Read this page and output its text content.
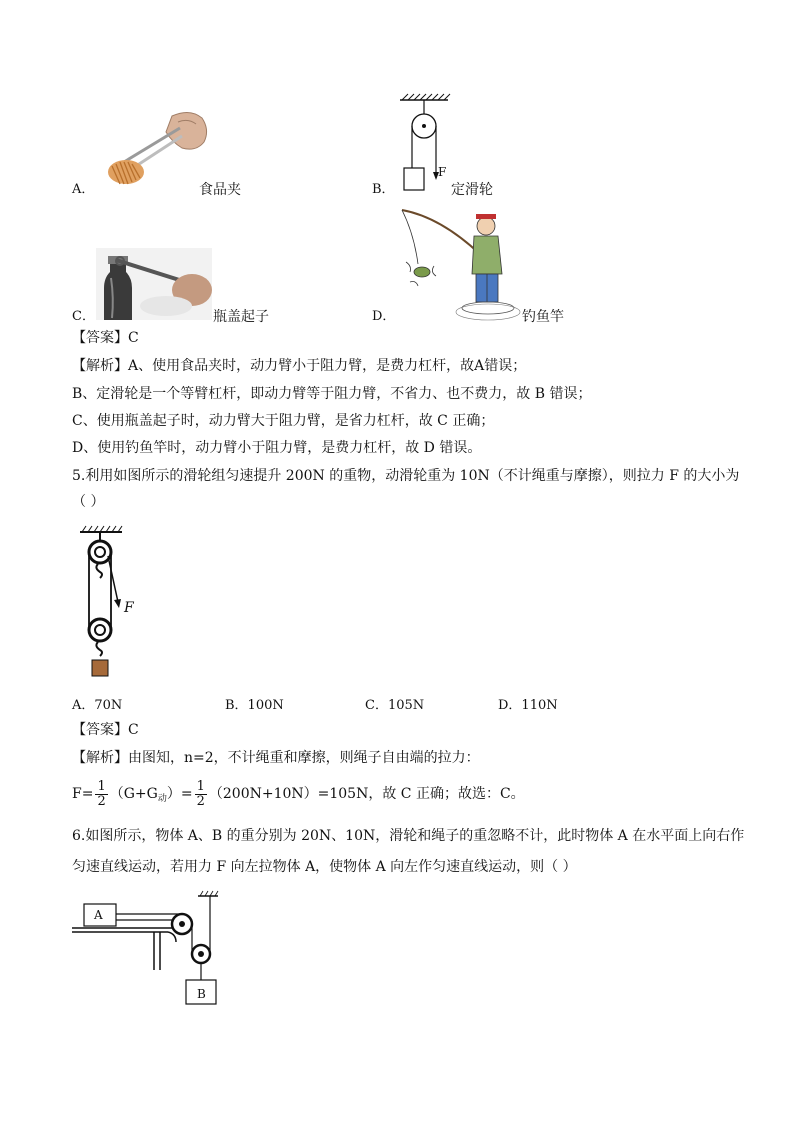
A．	食品夹	B．
F
定滑轮
C．	瓶盖起子	D．	钓鱼竿
【答案】C
【解析】A、使用食品夹时，动力臂小于阻力臂，是费力杠杆，故A错误；
B、定滑轮是一个等臂杠杆，即动力臂等于阻力臂，不省力、也不费力，故 B 错误；
C、使用瓶盖起子时，动力臂大于阻力臂，是省力杠杆，故 C 正确；
D、使用钓鱼竿时，动力臂小于阻力臂，是费力杠杆，故 D 错误。
5.利用如图所示的滑轮组匀速提升 200N 的重物，动滑轮重为 10N（不计绳重与摩擦），则拉力 F 的大小为
（ ）
F
A．70N	B．100N	C．105N	D．110N
【答案】C
【解析】由图知，n=2，不计绳重和摩擦，则绳子自由端的拉力：
$F= \frac{1}{2} (G+G_动)= \frac{1}{2} (200N+10N)=105N$，故 C 正确；故选：C。
6.如图所示，物体 A、B 的重分别为 20N、10N，滑轮和绳子的重忽略不计，此时物体 A 在水平面上向右作
匀速直线运动，若用力 F 向左拉物体 A，使物体 A 向左作匀速直线运动，则（ ）
A
B
